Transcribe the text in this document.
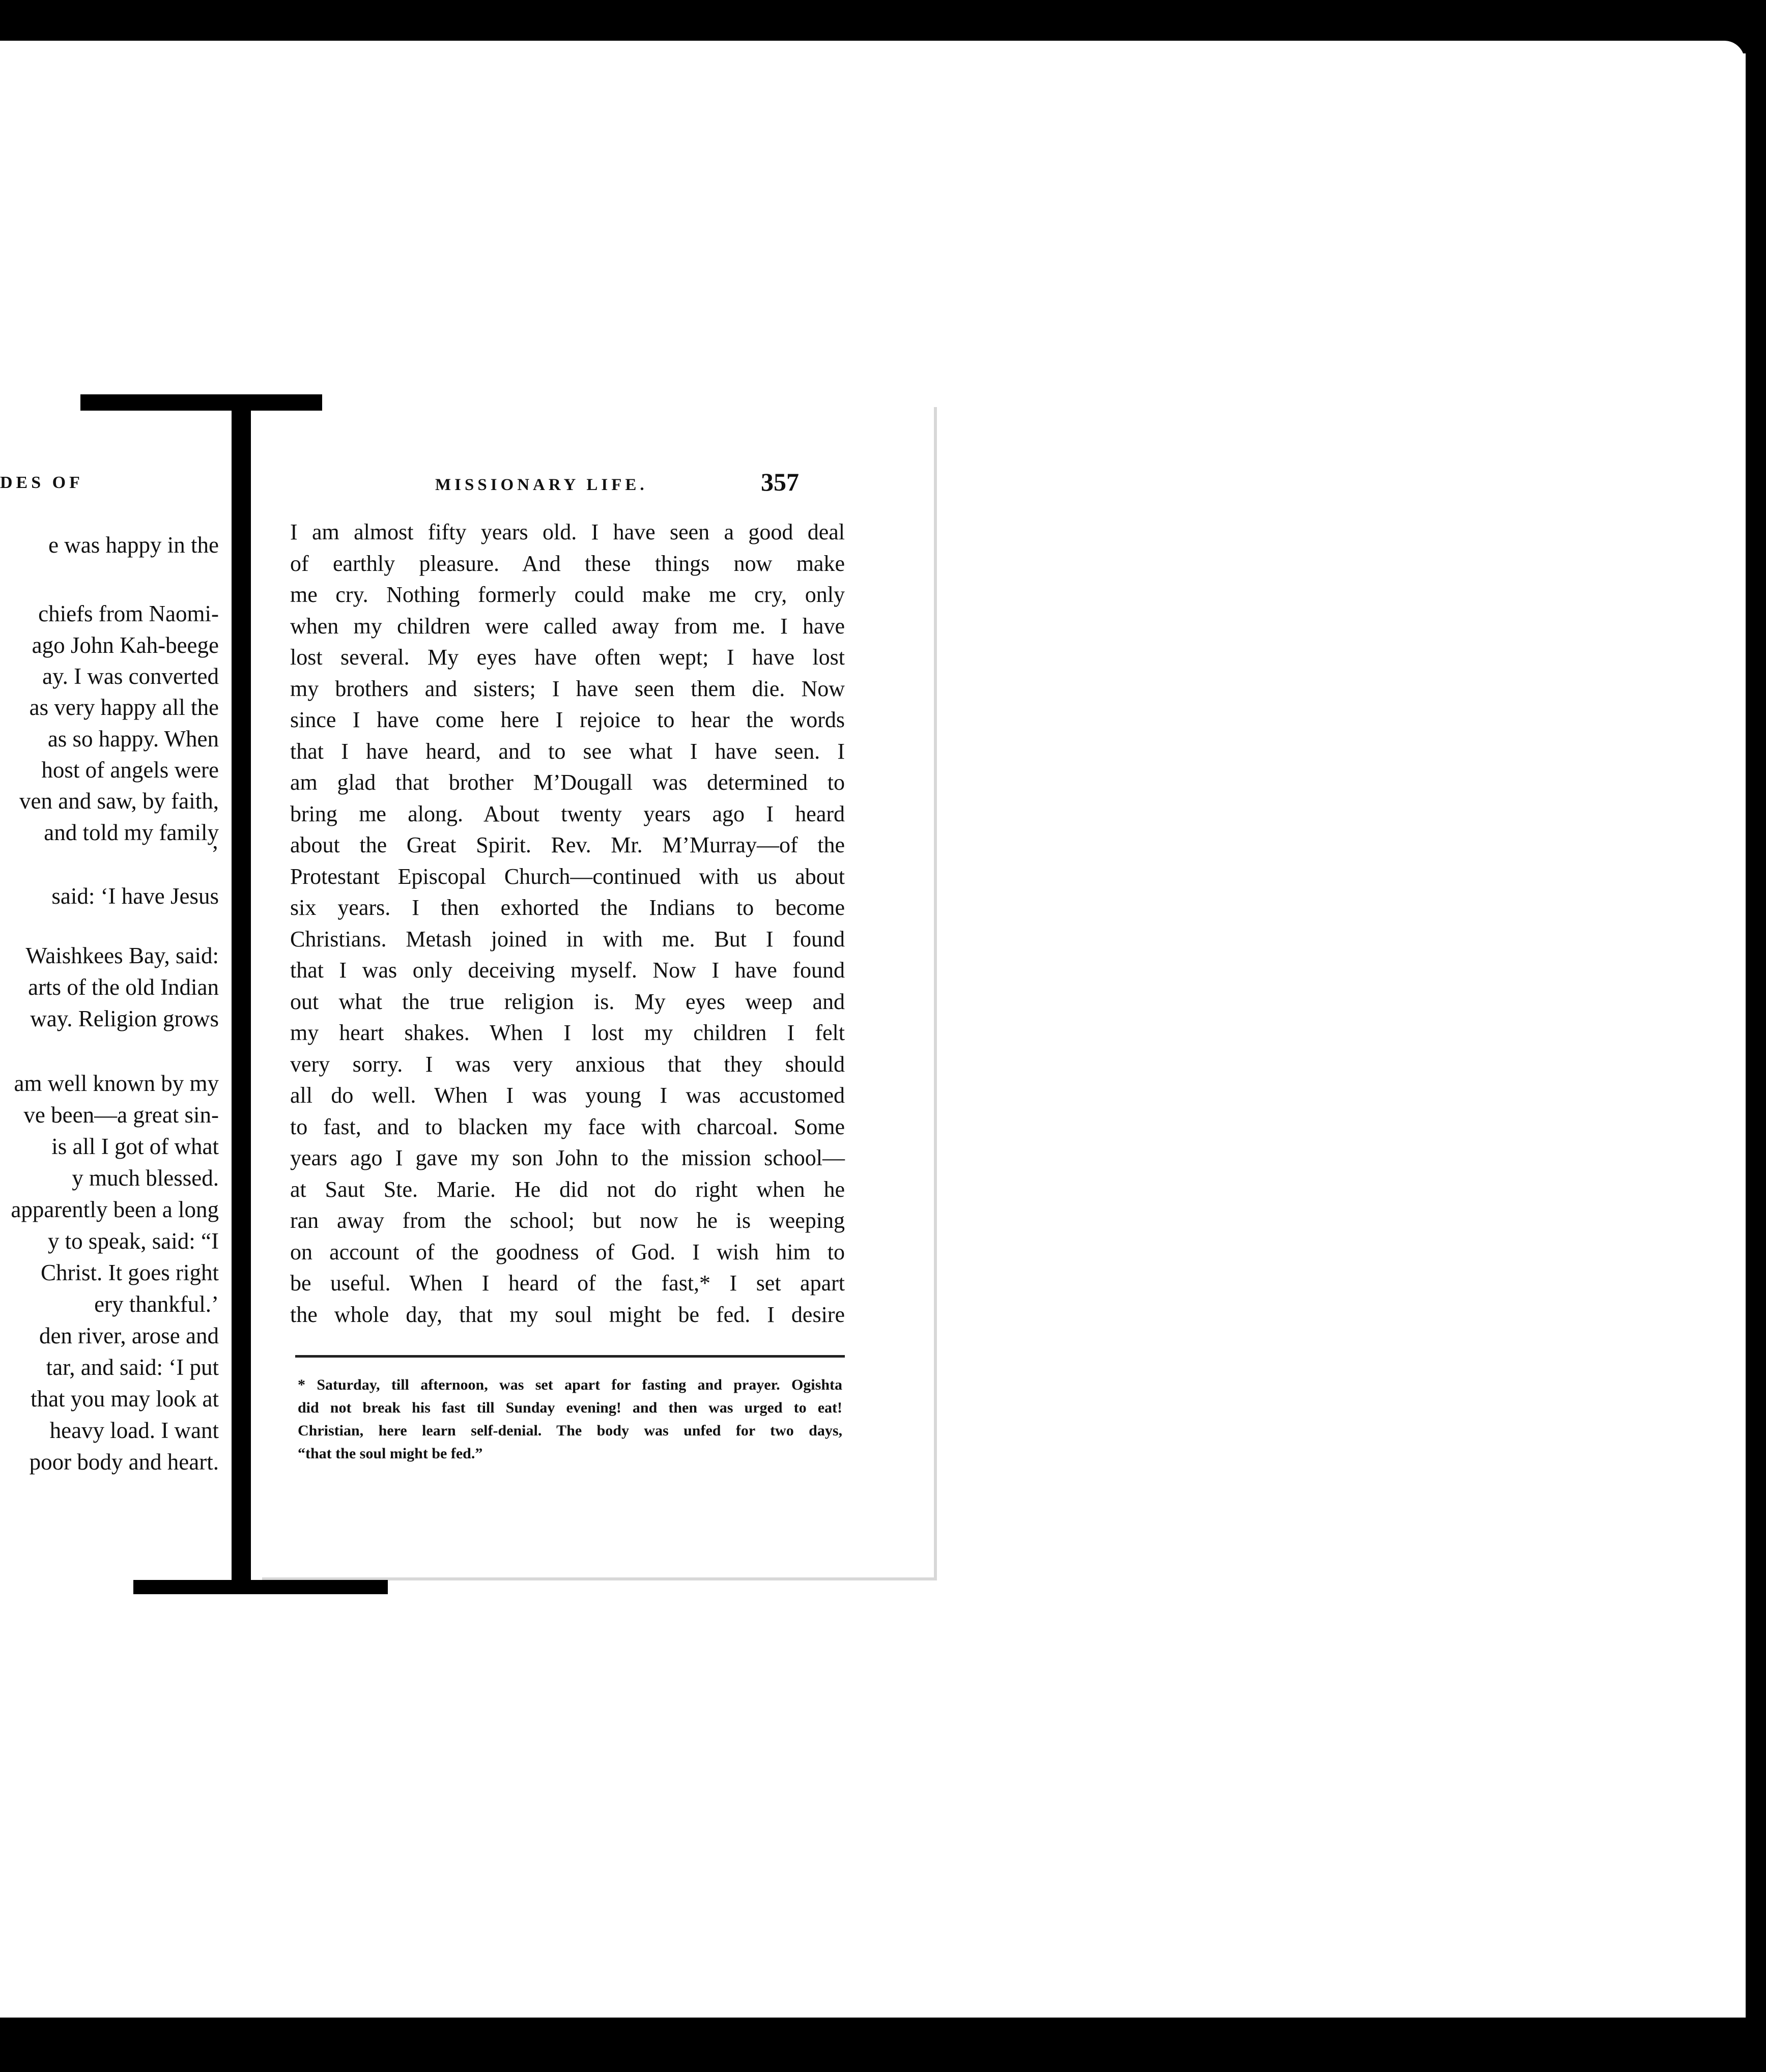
DES OF
e was happy in the
chiefs from Naomi-
ago John Kah-beege
ay. I was converted
as very happy all the
as so happy. When
host of angels were
ven and saw, by faith,
and told my family
’
said: ‘I have Jesus
Waishkees Bay, said:
arts of the old Indian
way. Religion grows
am well known by my
ve been—a great sin-
is all I got of what
y much blessed.
apparently been a long
y to speak, said: “I
Christ. It goes right
ery thankful.’
den river, arose and
tar, and said: ‘I put
that you may look at
heavy load. I want
poor body and heart.
MISSIONARY LIFE.	357
I am almost fifty years old. I have seen a good deal
of earthly pleasure. And these things now make
me cry. Nothing formerly could make me cry, only
when my children were called away from me. I have
lost several. My eyes have often wept; I have lost
my brothers and sisters; I have seen them die. Now
since I have come here I rejoice to hear the words
that I have heard, and to see what I have seen. I
am glad that brother M’Dougall was determined to
bring me along. About twenty years ago I heard
about the Great Spirit. Rev. Mr. M’Murray—of the
Protestant Episcopal Church—continued with us about
six years. I then exhorted the Indians to become
Christians. Metash joined in with me. But I found
that I was only deceiving myself. Now I have found
out what the true religion is. My eyes weep and
my heart shakes. When I lost my children I felt
very sorry. I was very anxious that they should
all do well. When I was young I was accustomed
to fast, and to blacken my face with charcoal. Some
years ago I gave my son John to the mission school—
at Saut Ste. Marie. He did not do right when he
ran away from the school; but now he is weeping
on account of the goodness of God. I wish him to
be useful. When I heard of the fast,* I set apart
the whole day, that my soul might be fed. I desire
* Saturday, till afternoon, was set apart for fasting and prayer. Ogishta
did not break his fast till Sunday evening! and then was urged to eat!
Christian, here learn self-denial. The body was unfed for two days,
“that the soul might be fed.”
